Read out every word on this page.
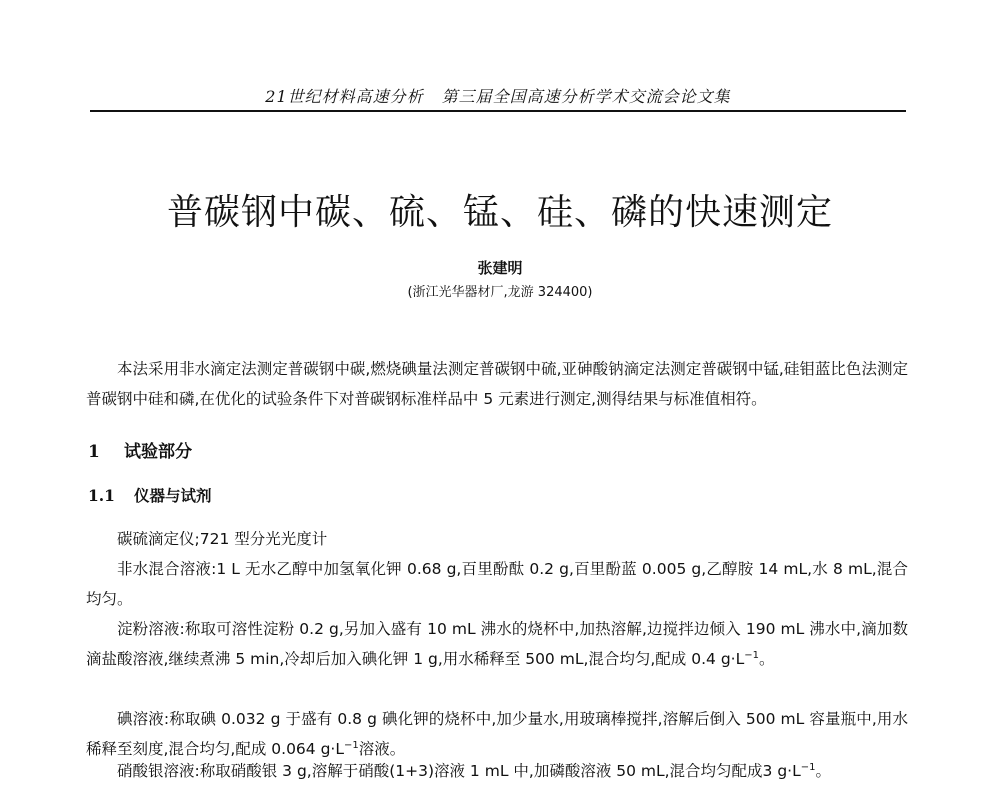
21世纪材料高速分析 第三届全国高速分析学术交流会论文集
普碳钢中碳、硫、锰、硅、磷的快速测定
张建明
(浙江光华器材厂,龙游 324400)

本法采用非水滴定法测定普碳钢中碳,燃烧碘量法测定普碳钢中硫,亚砷酸钠滴定法测定普碳钢中锰,硅钼蓝比色法测定普碳钢中硅和磷,在优化的试验条件下对普碳钢标准样品中 5 元素进行测定,测得结果与标准值相符。

1 试验部分
1.1 仪器与试剂

碳硫滴定仪;721 型分光光度计

非水混合溶液:1 L 无水乙醇中加氢氧化钾 0.68 g,百里酚酞 0.2 g,百里酚蓝 0.005 g,乙醇胺 14 mL,水 8 mL,混合均匀。

淀粉溶液:称取可溶性淀粉 0.2 g,另加入盛有 10 mL 沸水的烧杯中,加热溶解,边搅拌边倾入 190 mL 沸水中,滴加数滴盐酸溶液,继续煮沸 5 min,冷却后加入碘化钾 1 g,用水稀释至 500 mL,混合均匀,配成 0.4 $g\cdot L^{-1}$。

碘溶液:称取碘 0.032 g 于盛有 0.8 g 碘化钾的烧杯中,加少量水,用玻璃棒搅拌,溶解后倒入 500 mL 容量瓶中,用水稀释至刻度,混合均匀,配成 0.064 $g\cdot L^{-1}$溶液。

硝酸银溶液:称取硝酸银 3 g,溶解于硝酸(1+3)溶液 1 mL 中,加磷酸溶液 50 mL,混合均匀配成3 $g\cdot L^{-1}$。
